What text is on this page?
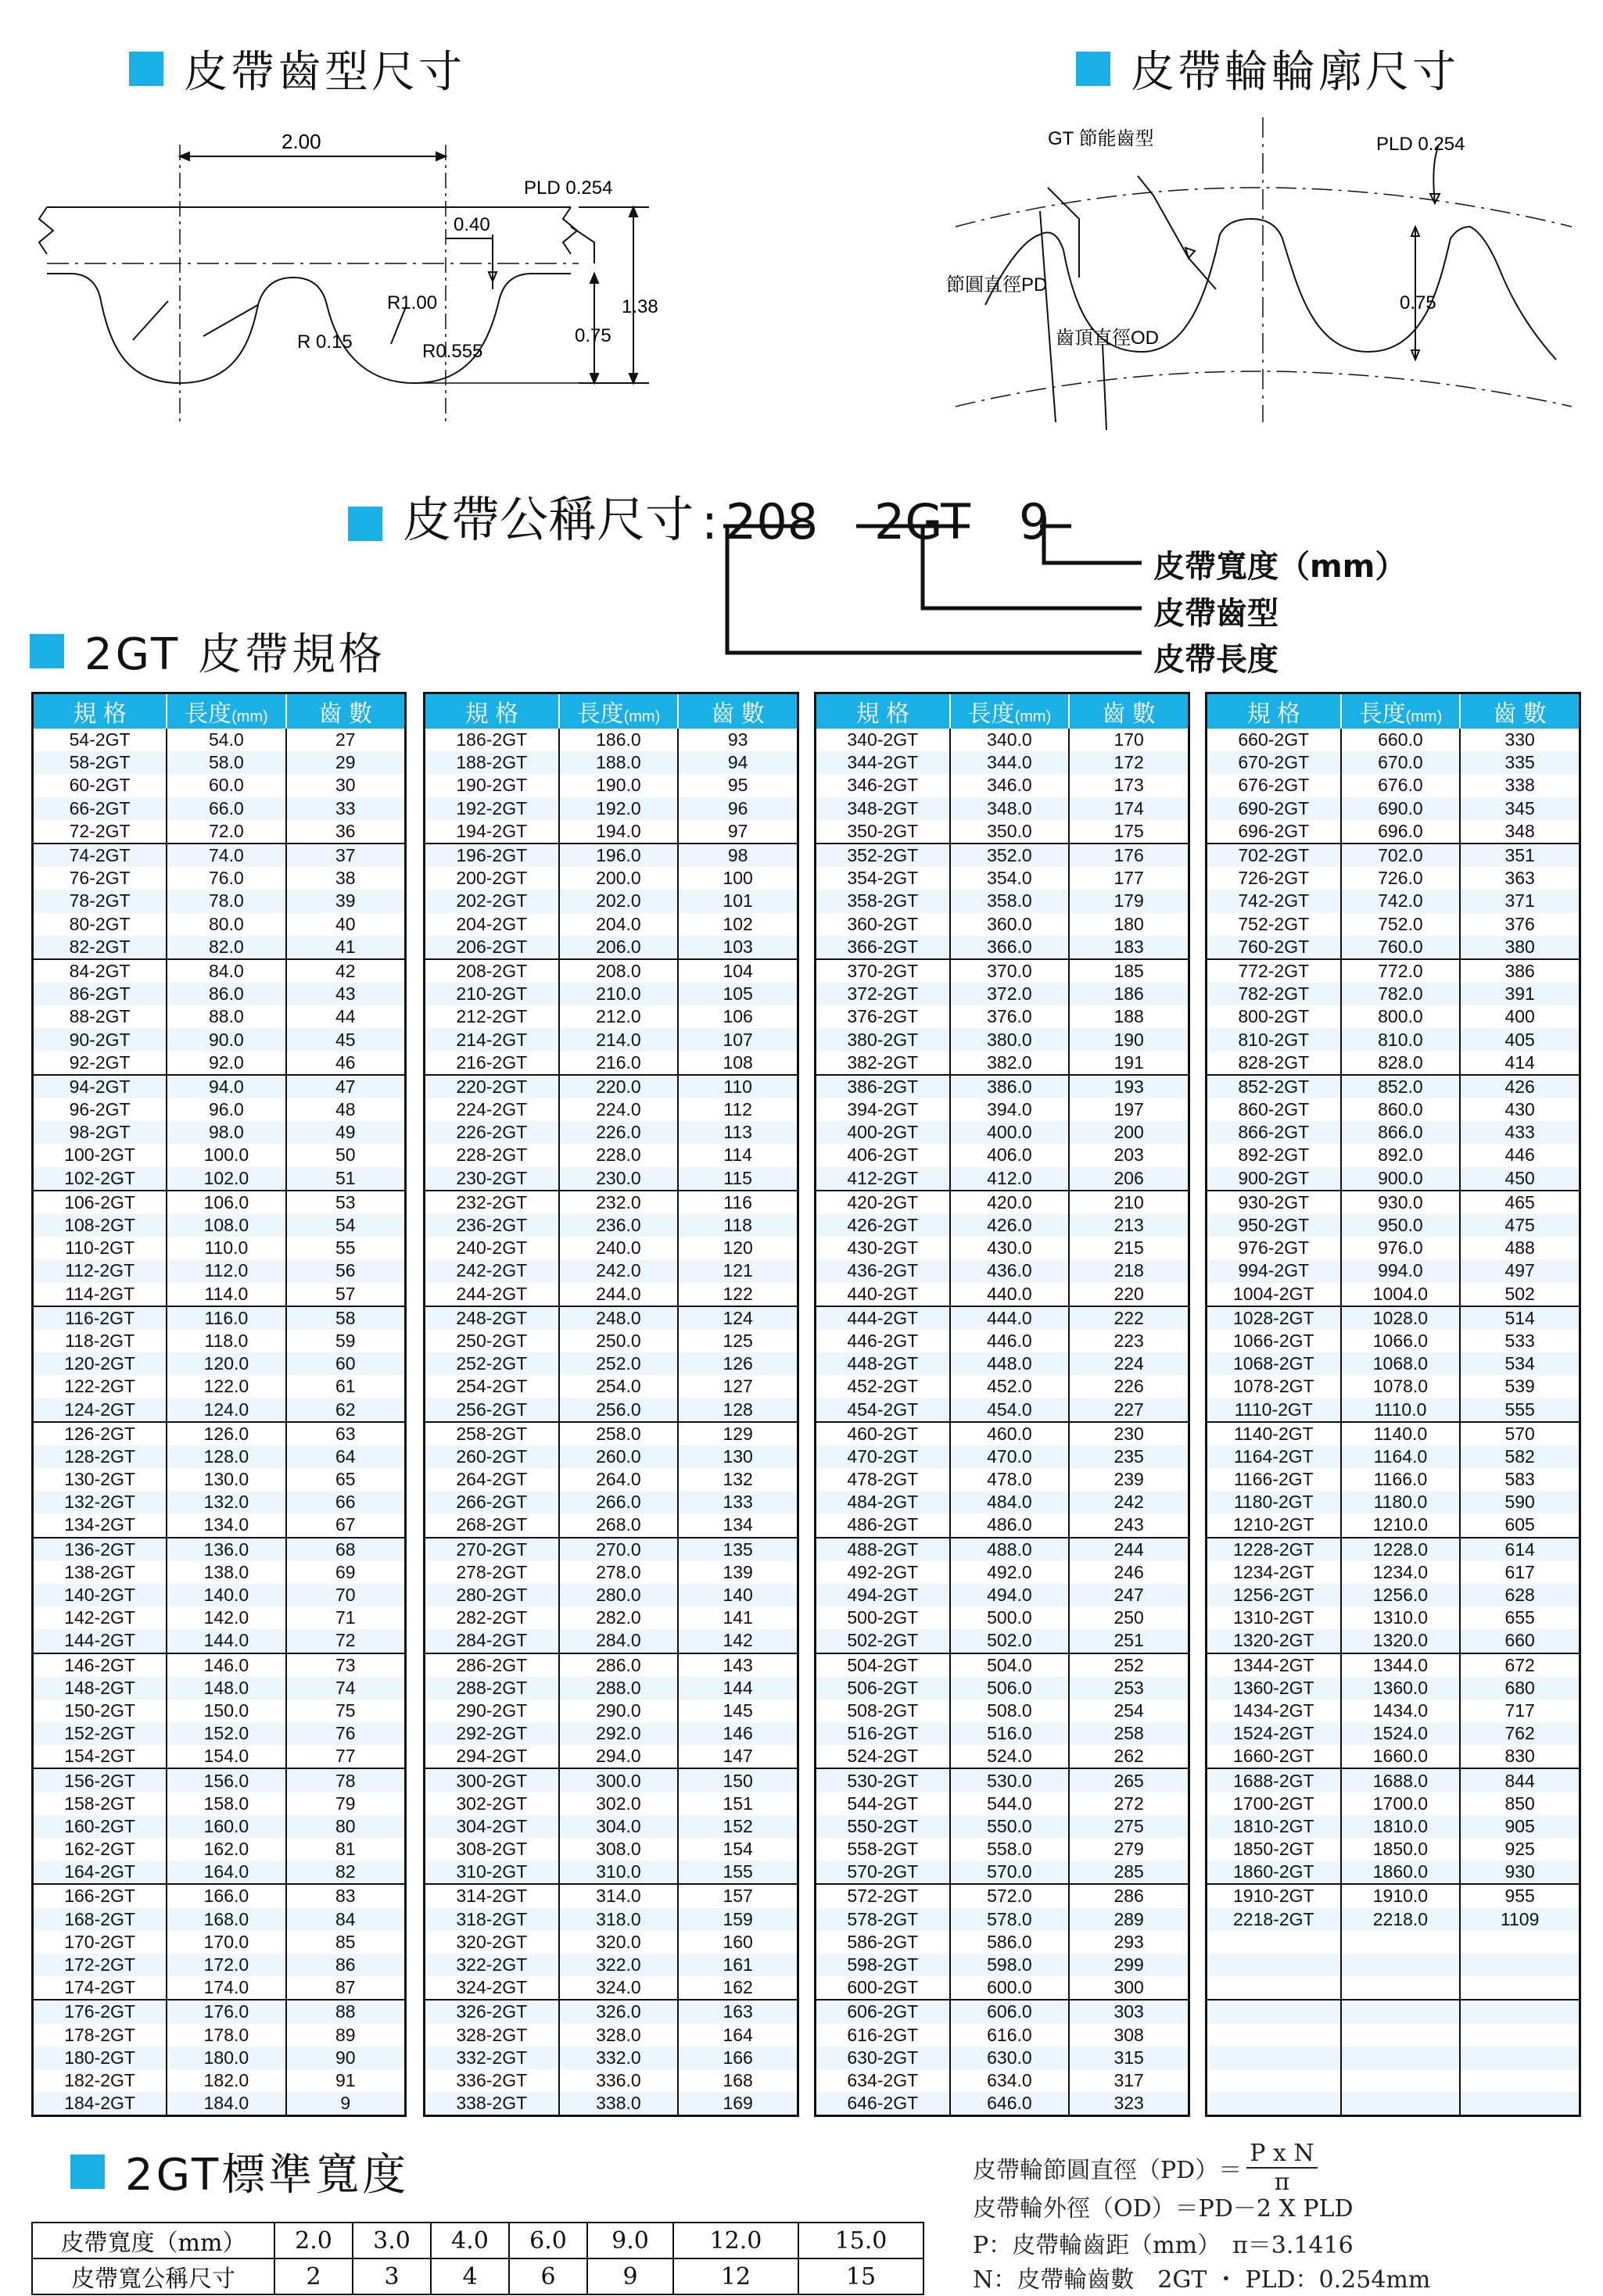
皮帶齒型尺寸	皮帶輪輪廓尺寸
2.00
PLD 0.254
0.40
R1.00
R 0.15	R0.555
1.38
0.75
GT 節能齒型	PLD 0.254
節圓直徑PD
齒頂直徑OD
0.75
皮帶公稱尺寸 : 208 2GT 9
皮帶寬度（mm）
皮帶齒型
皮帶長度
2GT 皮帶規格
規 格	長度(mm)	齒 數
54-2GT	54.0	27
58-2GT	58.0	29
60-2GT	60.0	30
66-2GT	66.0	33
72-2GT	72.0	36
74-2GT	74.0	37
76-2GT	76.0	38
78-2GT	78.0	39
80-2GT	80.0	40
82-2GT	82.0	41
84-2GT	84.0	42
86-2GT	86.0	43
88-2GT	88.0	44
90-2GT	90.0	45
92-2GT	92.0	46
94-2GT	94.0	47
96-2GT	96.0	48
98-2GT	98.0	49
100-2GT	100.0	50
102-2GT	102.0	51
106-2GT	106.0	53
108-2GT	108.0	54
110-2GT	110.0	55
112-2GT	112.0	56
114-2GT	114.0	57
116-2GT	116.0	58
118-2GT	118.0	59
120-2GT	120.0	60
122-2GT	122.0	61
124-2GT	124.0	62
126-2GT	126.0	63
128-2GT	128.0	64
130-2GT	130.0	65
132-2GT	132.0	66
134-2GT	134.0	67
136-2GT	136.0	68
138-2GT	138.0	69
140-2GT	140.0	70
142-2GT	142.0	71
144-2GT	144.0	72
146-2GT	146.0	73
148-2GT	148.0	74
150-2GT	150.0	75
152-2GT	152.0	76
154-2GT	154.0	77
156-2GT	156.0	78
158-2GT	158.0	79
160-2GT	160.0	80
162-2GT	162.0	81
164-2GT	164.0	82
166-2GT	166.0	83
168-2GT	168.0	84
170-2GT	170.0	85
172-2GT	172.0	86
174-2GT	174.0	87
176-2GT	176.0	88
178-2GT	178.0	89
180-2GT	180.0	90
182-2GT	182.0	91
184-2GT	184.0	9
規 格	長度(mm)	齒 數
186-2GT	186.0	93
188-2GT	188.0	94
190-2GT	190.0	95
192-2GT	192.0	96
194-2GT	194.0	97
196-2GT	196.0	98
200-2GT	200.0	100
202-2GT	202.0	101
204-2GT	204.0	102
206-2GT	206.0	103
208-2GT	208.0	104
210-2GT	210.0	105
212-2GT	212.0	106
214-2GT	214.0	107
216-2GT	216.0	108
220-2GT	220.0	110
224-2GT	224.0	112
226-2GT	226.0	113
228-2GT	228.0	114
230-2GT	230.0	115
232-2GT	232.0	116
236-2GT	236.0	118
240-2GT	240.0	120
242-2GT	242.0	121
244-2GT	244.0	122
248-2GT	248.0	124
250-2GT	250.0	125
252-2GT	252.0	126
254-2GT	254.0	127
256-2GT	256.0	128
258-2GT	258.0	129
260-2GT	260.0	130
264-2GT	264.0	132
266-2GT	266.0	133
268-2GT	268.0	134
270-2GT	270.0	135
278-2GT	278.0	139
280-2GT	280.0	140
282-2GT	282.0	141
284-2GT	284.0	142
286-2GT	286.0	143
288-2GT	288.0	144
290-2GT	290.0	145
292-2GT	292.0	146
294-2GT	294.0	147
300-2GT	300.0	150
302-2GT	302.0	151
304-2GT	304.0	152
308-2GT	308.0	154
310-2GT	310.0	155
314-2GT	314.0	157
318-2GT	318.0	159
320-2GT	320.0	160
322-2GT	322.0	161
324-2GT	324.0	162
326-2GT	326.0	163
328-2GT	328.0	164
332-2GT	332.0	166
336-2GT	336.0	168
338-2GT	338.0	169
規 格	長度(mm)	齒 數
340-2GT	340.0	170
344-2GT	344.0	172
346-2GT	346.0	173
348-2GT	348.0	174
350-2GT	350.0	175
352-2GT	352.0	176
354-2GT	354.0	177
358-2GT	358.0	179
360-2GT	360.0	180
366-2GT	366.0	183
370-2GT	370.0	185
372-2GT	372.0	186
376-2GT	376.0	188
380-2GT	380.0	190
382-2GT	382.0	191
386-2GT	386.0	193
394-2GT	394.0	197
400-2GT	400.0	200
406-2GT	406.0	203
412-2GT	412.0	206
420-2GT	420.0	210
426-2GT	426.0	213
430-2GT	430.0	215
436-2GT	436.0	218
440-2GT	440.0	220
444-2GT	444.0	222
446-2GT	446.0	223
448-2GT	448.0	224
452-2GT	452.0	226
454-2GT	454.0	227
460-2GT	460.0	230
470-2GT	470.0	235
478-2GT	478.0	239
484-2GT	484.0	242
486-2GT	486.0	243
488-2GT	488.0	244
492-2GT	492.0	246
494-2GT	494.0	247
500-2GT	500.0	250
502-2GT	502.0	251
504-2GT	504.0	252
506-2GT	506.0	253
508-2GT	508.0	254
516-2GT	516.0	258
524-2GT	524.0	262
530-2GT	530.0	265
544-2GT	544.0	272
550-2GT	550.0	275
558-2GT	558.0	279
570-2GT	570.0	285
572-2GT	572.0	286
578-2GT	578.0	289
586-2GT	586.0	293
598-2GT	598.0	299
600-2GT	600.0	300
606-2GT	606.0	303
616-2GT	616.0	308
630-2GT	630.0	315
634-2GT	634.0	317
646-2GT	646.0	323
規 格	長度(mm)	齒 數
660-2GT	660.0	330
670-2GT	670.0	335
676-2GT	676.0	338
690-2GT	690.0	345
696-2GT	696.0	348
702-2GT	702.0	351
726-2GT	726.0	363
742-2GT	742.0	371
752-2GT	752.0	376
760-2GT	760.0	380
772-2GT	772.0	386
782-2GT	782.0	391
800-2GT	800.0	400
810-2GT	810.0	405
828-2GT	828.0	414
852-2GT	852.0	426
860-2GT	860.0	430
866-2GT	866.0	433
892-2GT	892.0	446
900-2GT	900.0	450
930-2GT	930.0	465
950-2GT	950.0	475
976-2GT	976.0	488
994-2GT	994.0	497
1004-2GT	1004.0	502
1028-2GT	1028.0	514
1066-2GT	1066.0	533
1068-2GT	1068.0	534
1078-2GT	1078.0	539
1110-2GT	1110.0	555
1140-2GT	1140.0	570
1164-2GT	1164.0	582
1166-2GT	1166.0	583
1180-2GT	1180.0	590
1210-2GT	1210.0	605
1228-2GT	1228.0	614
1234-2GT	1234.0	617
1256-2GT	1256.0	628
1310-2GT	1310.0	655
1320-2GT	1320.0	660
1344-2GT	1344.0	672
1360-2GT	1360.0	680
1434-2GT	1434.0	717
1524-2GT	1524.0	762
1660-2GT	1660.0	830
1688-2GT	1688.0	844
1700-2GT	1700.0	850
1810-2GT	1810.0	905
1850-2GT	1850.0	925
1860-2GT	1860.0	930
1910-2GT	1910.0	955
2218-2GT	2218.0	1109

2GT標準寬度
皮帶寬度（mm）	2.0	3.0	4.0	6.0	9.0	12.0	15.0
皮帶寬公稱尺寸	2	3	4	6	9	12	15
皮帶輪節圓直徑$(PD)= \frac{\text{P x N}}{\pi}$
皮帶輪外徑（OD）＝PD－2 X PLD
P：皮帶輪齒距（mm）　π＝3.1416
N：皮帶輪齒數　2GT ・ PLD：0.254mm
